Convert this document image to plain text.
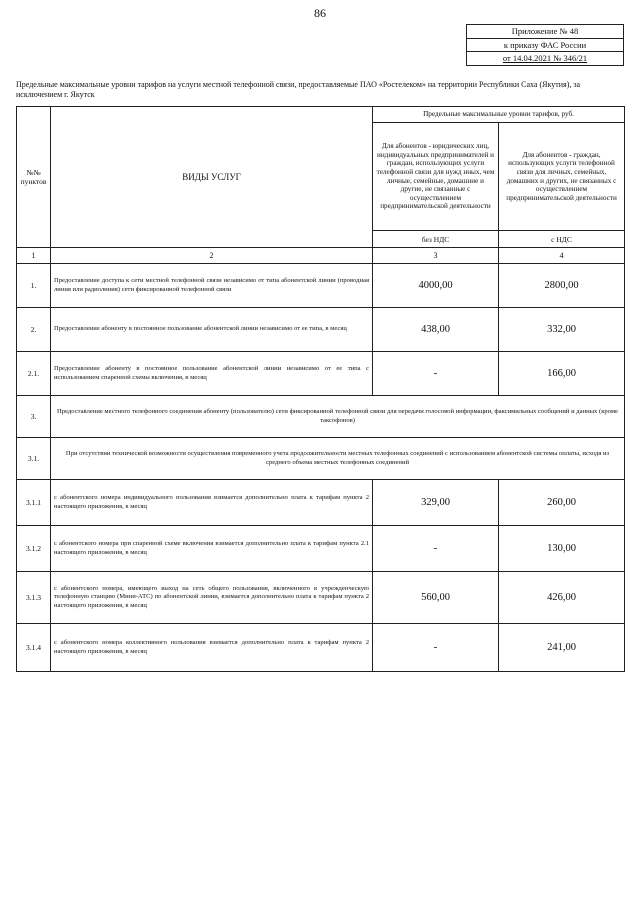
86
Приложение № 48
к приказу ФАС России
от 14.04.2021 № 346/21
Предельные максимальные уровни тарифов на услуги местной телефонной связи, предоставляемые ПАО «Ростелеком» на территории Республики Саха (Якутия), за исключением г. Якутск
№№ пунктов	ВИДЫ УСЛУГ	Предельные максимальные уровни тарифов, руб.	
		Для абонентов - юридических лиц, индивидуальных предпринимателей и граждан, использующих услуги телефонной связи для нужд иных, чем личные, семейные, домашние и другие, не связанные с осуществлением предпринимательской деятельности	Для абонентов - граждан, использующих услуги телефонной связи для личных, семейных, домашних и других, не связанных с осуществлением предпринимательской деятельности
		без НДС	с НДС
1	2	3	4
1.	Предоставление доступа к сети местной телефонной связи независимо от типа абонентской линии (проводная линия или радиолиния) сети фиксированной телефонной связи	4000,00	2800,00
2.	Предоставление абоненту в постоянное пользование абонентской линии независимо от ее типа, в месяц	438,00	332,00
2.1.	Предоставление абоненту в постоянное пользование абонентской линии независимо от ее типа с использованием спаренной схемы включения, в месяц	-	166,00
3.	Предоставление местного телефонного соединения абоненту (пользователю) сети фиксированной телефонной связи для передачи голосовой информации, факсимильных сообщений и данных (кроме таксофонов)		
3.1.	При отсутствии технической возможности осуществления повременного учета продолжительности местных телефонных соединений с использованием абонентской системы оплаты, исходя из среднего объема местных телефонных соединений		
3.1.1	с абонентского номера индивидуального пользования взимается дополнительно плата к тарифам пункта 2 настоящего приложения, в месяц	329,00	260,00
3.1.2	с абонентского номера при спаренной схеме включения взимается дополнительно плата к тарифам пункта 2.1 настоящего приложения, в месяц	-	130,00
3.1.3	с абонентского номера, имеющего выход на сеть общего пользования, включенного в учрежденческую телефонную станцию (Мини-АТС) по абонентской линии, взимается дополнительно плата к тарифам пункта 2 настоящего приложения, в месяц	560,00	426,00
3.1.4	с абонентского номера коллективного пользования взимается дополнительно плата к тарифам пункта 2 настоящего приложения, в месяц	-	241,00
